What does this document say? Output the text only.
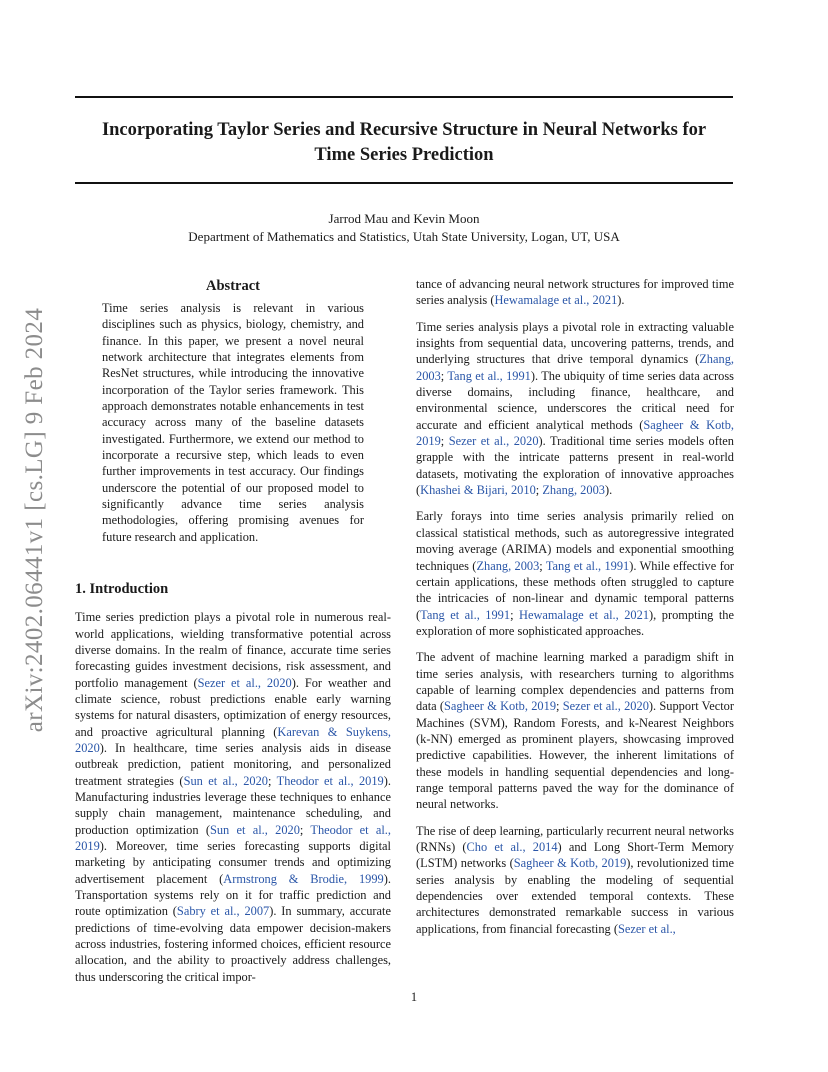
arXiv:2402.06441v1 [cs.LG] 9 Feb 2024
Incorporating Taylor Series and Recursive Structure in Neural Networks for
Time Series Prediction
Jarrod Mau and Kevin Moon
Department of Mathematics and Statistics, Utah State University, Logan, UT, USA
Abstract

Time series analysis is relevant in various disciplines such as physics, biology, chemistry, and finance. In this paper, we present a novel neural network architecture that integrates elements from ResNet structures, while introducing the innovative incorporation of the Taylor series framework. This approach demonstrates notable enhancements in test accuracy across many of the baseline datasets investigated. Furthermore, we extend our method to incorporate a recursive step, which leads to even further improvements in test accuracy. Our findings underscore the potential of our proposed model to significantly advance time series analysis methodologies, offering promising avenues for future research and application.

1. Introduction

Time series prediction plays a pivotal role in numerous real-world applications, wielding transformative potential across diverse domains. In the realm of finance, accurate time series forecasting guides investment decisions, risk assessment, and portfolio management (Sezer et al., 2020). For weather and climate science, robust predictions enable early warning systems for natural disasters, optimization of energy resources, and proactive agricultural planning (Karevan & Suykens, 2020). In healthcare, time series analysis aids in disease outbreak prediction, patient monitoring, and personalized treatment strategies (Sun et al., 2020; Theodor et al., 2019). Manufacturing industries leverage these techniques to enhance supply chain management, maintenance scheduling, and production optimization (Sun et al., 2020; Theodor et al., 2019). Moreover, time series forecasting supports digital marketing by anticipating consumer trends and optimizing advertisement placement (Armstrong & Brodie, 1999). Transportation systems rely on it for traffic prediction and route optimization (Sabry et al., 2007). In summary, accurate predictions of time-evolving data empower decision-makers across industries, fostering informed choices, efficient resource allocation, and the ability to proactively address challenges, thus underscoring the critical impor-

tance of advancing neural network structures for improved time series analysis (Hewamalage et al., 2021).

Time series analysis plays a pivotal role in extracting valuable insights from sequential data, uncovering patterns, trends, and underlying structures that drive temporal dynamics (Zhang, 2003; Tang et al., 1991). The ubiquity of time series data across diverse domains, including finance, healthcare, and environmental science, underscores the critical need for accurate and efficient analytical methods (Sagheer & Kotb, 2019; Sezer et al., 2020). Traditional time series models often grapple with the intricate patterns present in real-world datasets, motivating the exploration of innovative approaches (Khashei & Bijari, 2010; Zhang, 2003).

Early forays into time series analysis primarily relied on classical statistical methods, such as autoregressive integrated moving average (ARIMA) models and exponential smoothing techniques (Zhang, 2003; Tang et al., 1991). While effective for certain applications, these methods often struggled to capture the intricacies of non-linear and dynamic temporal patterns (Tang et al., 1991; Hewamalage et al., 2021), prompting the exploration of more sophisticated approaches.

The advent of machine learning marked a paradigm shift in time series analysis, with researchers turning to algorithms capable of learning complex dependencies and patterns from data (Sagheer & Kotb, 2019; Sezer et al., 2020). Support Vector Machines (SVM), Random Forests, and k-Nearest Neighbors (k-NN) emerged as prominent players, showcasing improved predictive capabilities. However, the inherent limitations of these models in handling sequential dependencies and long-range temporal patterns paved the way for the dominance of neural networks.

The rise of deep learning, particularly recurrent neural networks (RNNs) (Cho et al., 2014) and Long Short-Term Memory (LSTM) networks (Sagheer & Kotb, 2019), revolutionized time series analysis by enabling the modeling of sequential dependencies over extended temporal contexts. These architectures demonstrated remarkable success in various applications, from financial forecasting (Sezer et al.,

1
